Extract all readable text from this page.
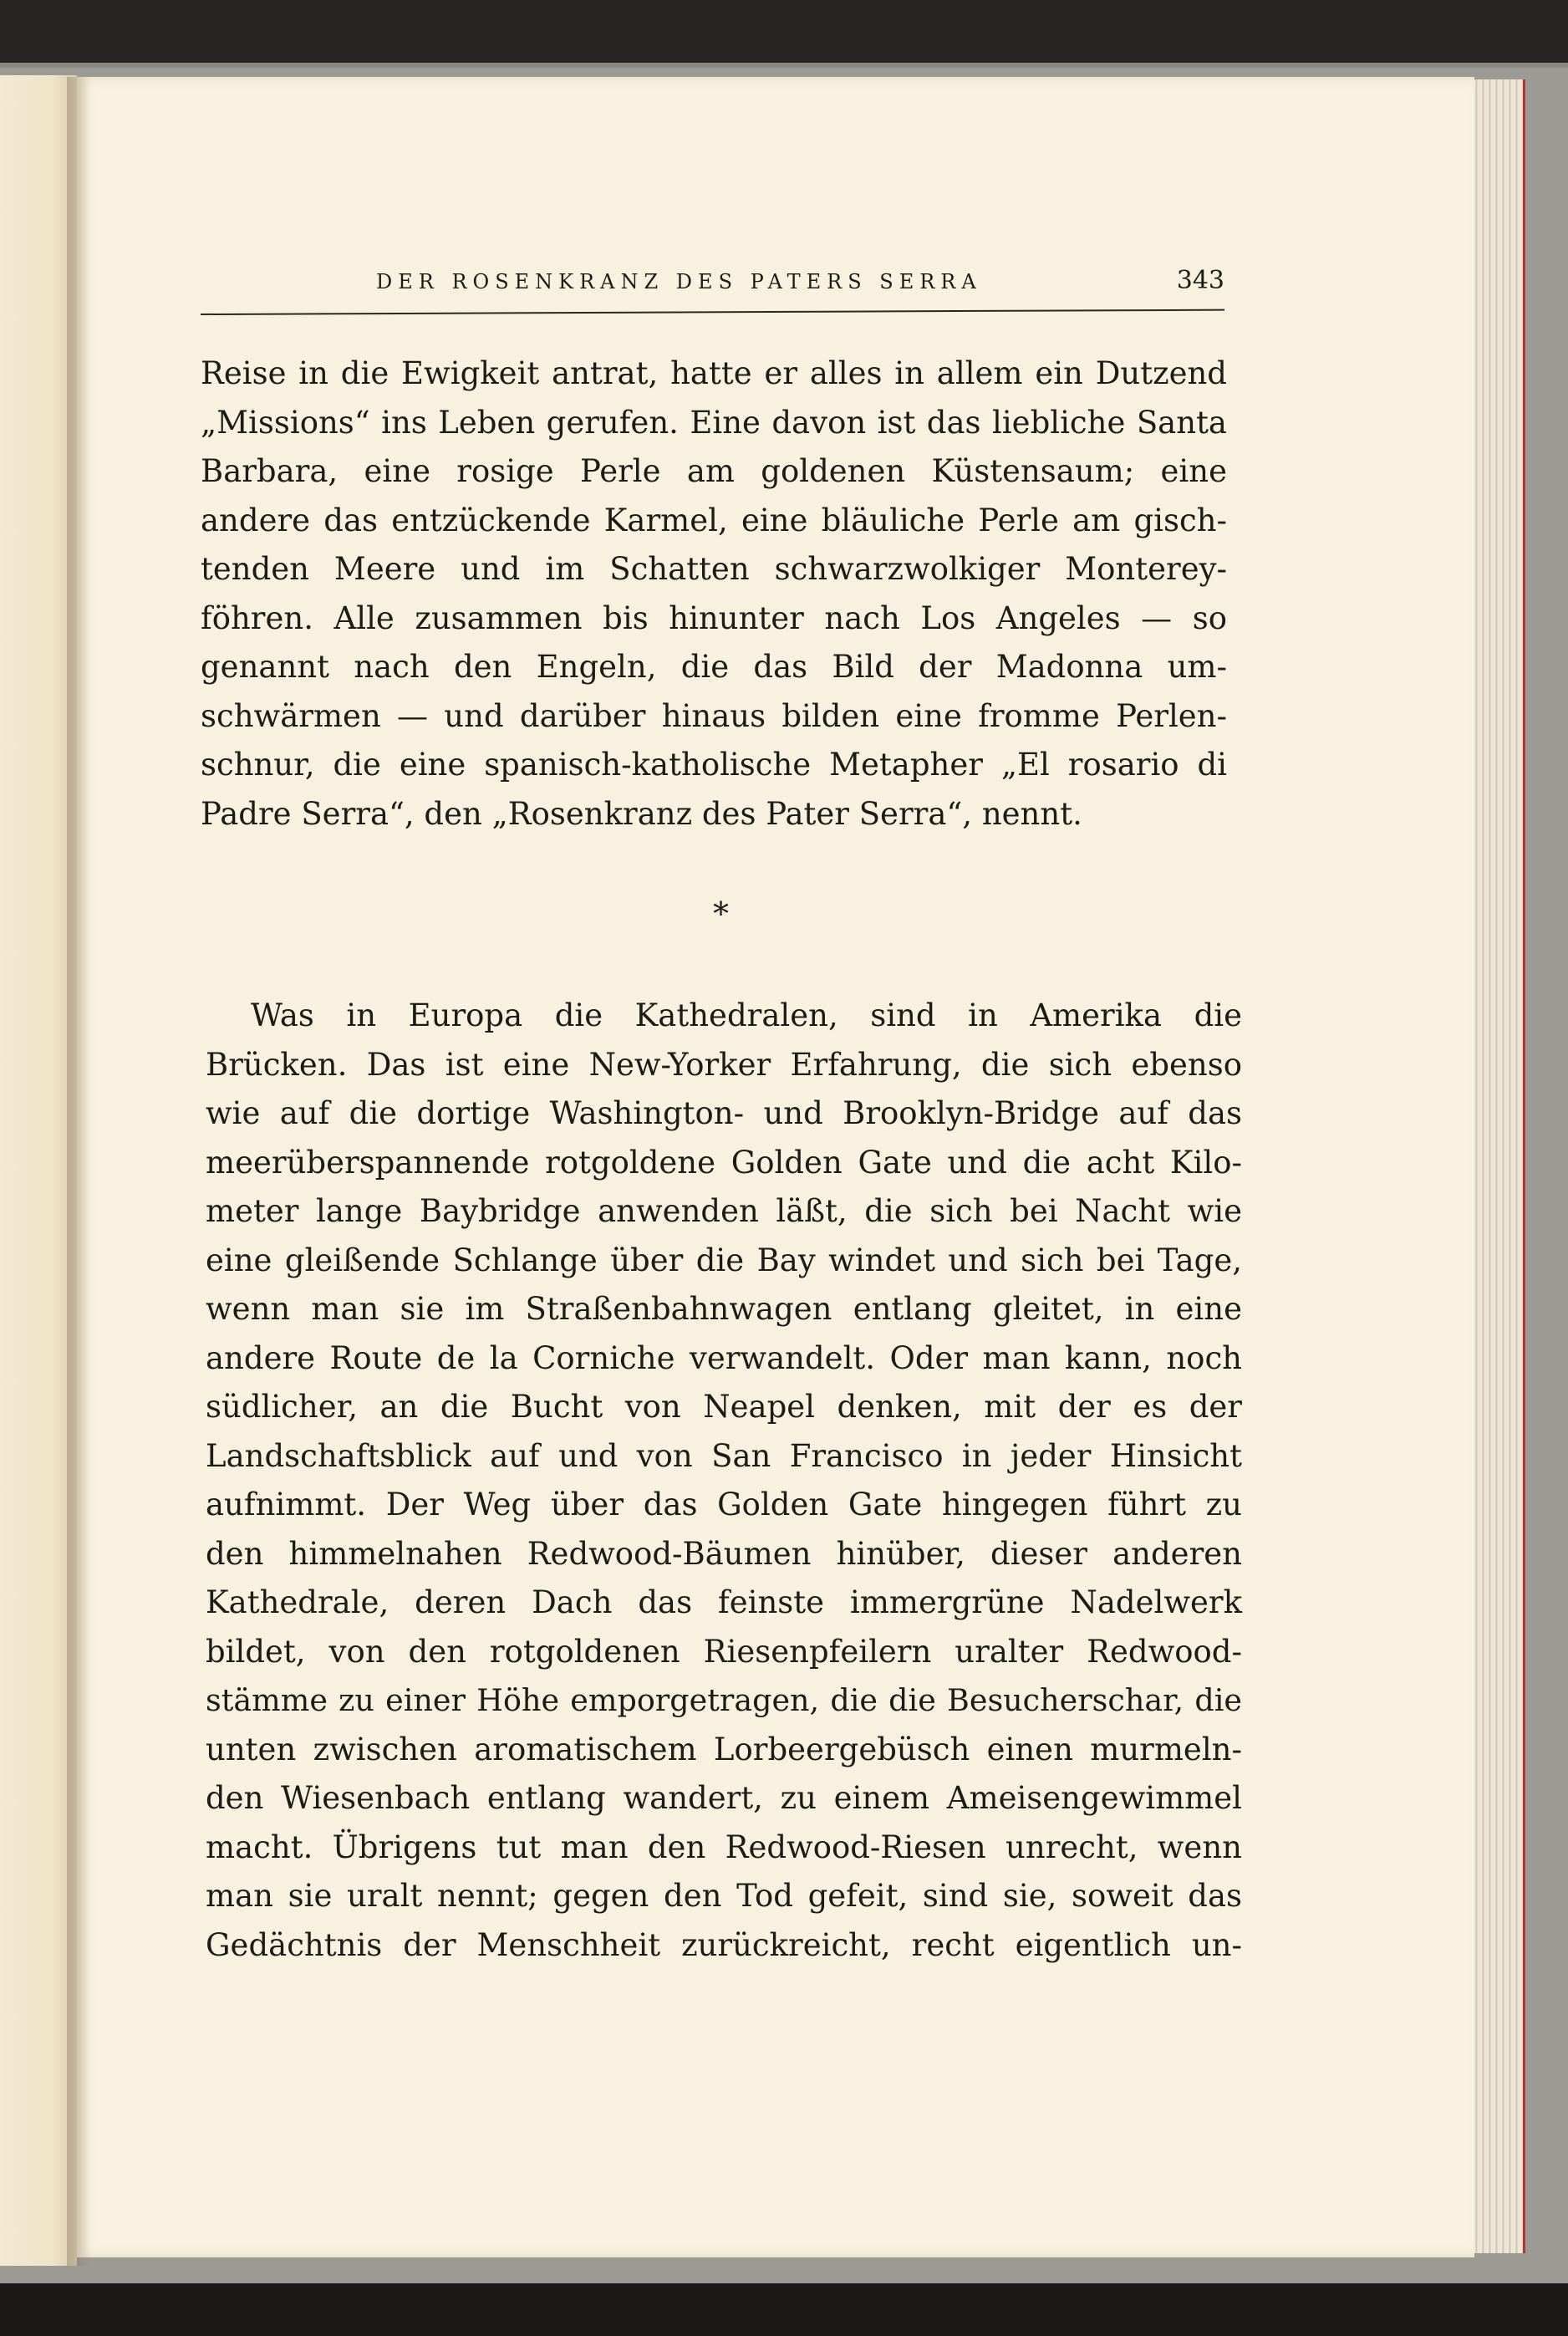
DER ROSENKRANZ DES PATERS SERRA	343
Reise in die Ewigkeit antrat, hatte er alles in allem ein Dutzend
„Missions“ ins Leben gerufen. Eine davon ist das liebliche Santa
Barbara, eine rosige Perle am goldenen Küstensaum; eine
andere das entzückende Karmel, eine bläuliche Perle am gisch-
tenden Meere und im Schatten schwarzwolkiger Monterey-
föhren. Alle zusammen bis hinunter nach Los Angeles — so
genannt nach den Engeln, die das Bild der Madonna um-
schwärmen — und darüber hinaus bilden eine fromme Perlen-
schnur, die eine spanisch-katholische Metapher „El rosario di
Padre Serra“, den „Rosenkranz des Pater Serra“, nennt.
*
Was in Europa die Kathedralen, sind in Amerika die
Brücken. Das ist eine New-Yorker Erfahrung, die sich ebenso
wie auf die dortige Washington- und Brooklyn-Bridge auf das
meerüberspannende rotgoldene Golden Gate und die acht Kilo-
meter lange Baybridge anwenden läßt, die sich bei Nacht wie
eine gleißende Schlange über die Bay windet und sich bei Tage,
wenn man sie im Straßenbahnwagen entlang gleitet, in eine
andere Route de la Corniche verwandelt. Oder man kann, noch
südlicher, an die Bucht von Neapel denken, mit der es der
Landschaftsblick auf und von San Francisco in jeder Hinsicht
aufnimmt. Der Weg über das Golden Gate hingegen führt zu
den himmelnahen Redwood-Bäumen hinüber, dieser anderen
Kathedrale, deren Dach das feinste immergrüne Nadelwerk
bildet, von den rotgoldenen Riesenpfeilern uralter Redwood-
stämme zu einer Höhe emporgetragen, die die Besucherschar, die
unten zwischen aromatischem Lorbeergebüsch einen murmeln-
den Wiesenbach entlang wandert, zu einem Ameisengewimmel
macht. Übrigens tut man den Redwood-Riesen unrecht, wenn
man sie uralt nennt; gegen den Tod gefeit, sind sie, soweit das
Gedächtnis der Menschheit zurückreicht, recht eigentlich un-
